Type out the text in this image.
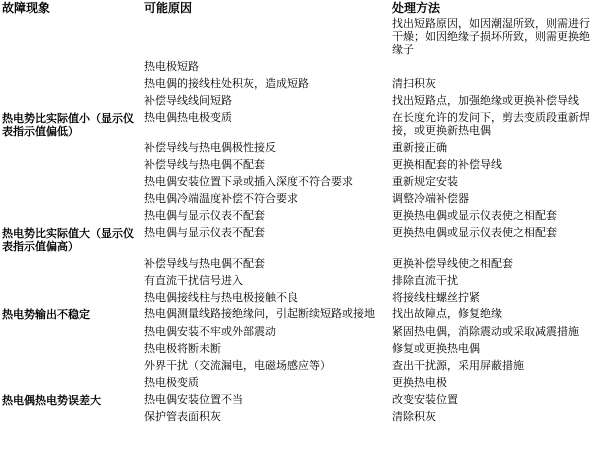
故障现象	可能原因	处理方法
		找出短路原因，如因潮湿所致，则需进行干燥；如因绝缘子损坏所致，则需更换绝缘子
	热电极短路	
	热电偶的接线柱处积灰，造成短路	清扫积灰
	补偿导线线间短路	找出短路点，加强绝缘或更换补偿导线
热电势比实际值小（显示仪表指示值偏低）	热电偶热电极变质	在长度允许的发问下，剪去变质段重新焊接，或更换新热电偶
	补偿导线与热电偶极性接反	重新接正确
	补偿导线与热电偶不配套	更换相配套的补偿导线
	热电偶安装位置下录或插入深度不符合要求	重新规定安装
	热电偶冷端温度补偿不符合要求	调整冷端补偿器
	热电偶与显示仪表不配套	更换热电偶或显示仪表使之相配套
热电势比实际值大（显示仪表指示值偏高）	热电偶与显示仪表不配套	更换热电偶或显示仪表使之相配套
	补偿导线与热电偶不配套	更换补偿导线使之相配套
	有直流干扰信号进入	排除直流干扰
	热电偶接线柱与热电极接触不良	将接线柱螺丝拧紧
热电势输出不稳定	热电偶测量线路接绝缘问，引起断续短路或接地	找出故障点，修复绝缘
	热电偶安装不牢或外部震动	紧固热电偶，消除震动或采取减震措施
	热电极将断未断	修复或更换热电偶
	外界干扰（交流漏电，电磁场感应等）	查出干扰源，采用屏蔽措施
	热电极变质	更换热电极
热电偶热电势误差大	热电偶安装位置不当	改变安装位置
	保护管表面积灰	清除积灰
